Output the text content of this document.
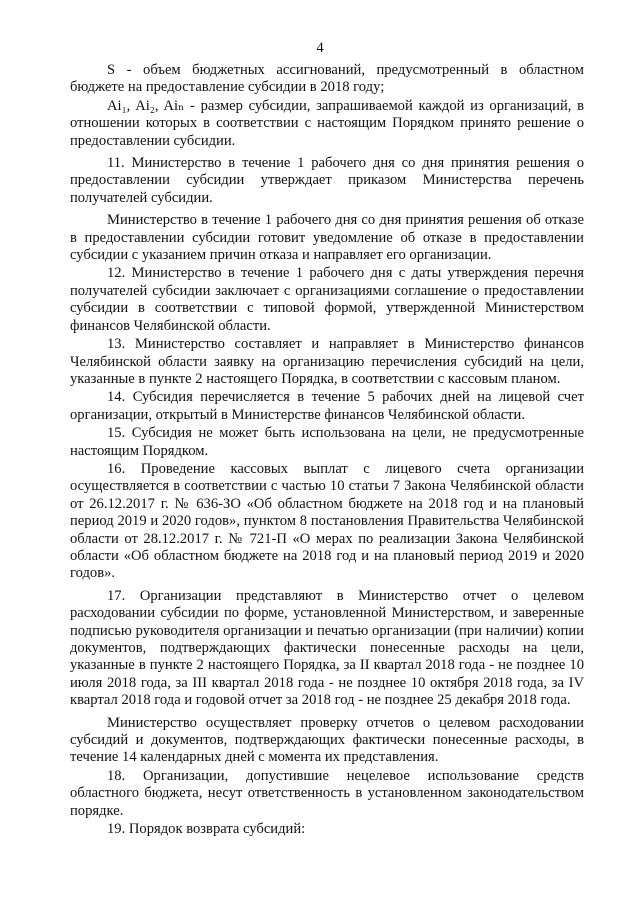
4

S - объем бюджетных ассигнований, предусмотренный в областном бюджете на предоставление субсидии в 2018 году;

Ai₁, Ai₂, Aiₙ - размер субсидии, запрашиваемой каждой из организаций, в отношении которых в соответствии с настоящим Порядком принято решение о предоставлении субсидии.

11. Министерство в течение 1 рабочего дня со дня принятия решения о предоставлении субсидии утверждает приказом Министерства перечень получателей субсидии.

Министерство в течение 1 рабочего дня со дня принятия решения об отказе в предоставлении субсидии готовит уведомление об отказе в предоставлении субсидии с указанием причин отказа и направляет его организации.

12. Министерство в течение 1 рабочего дня с даты утверждения перечня получателей субсидии заключает с организациями соглашение о предоставлении субсидии в соответствии с типовой формой, утвержденной Министерством финансов Челябинской области.

13. Министерство составляет и направляет в Министерство финансов Челябинской области заявку на организацию перечисления субсидий на цели, указанные в пункте 2 настоящего Порядка, в соответствии с кассовым планом.

14. Субсидия перечисляется в течение 5 рабочих дней на лицевой счет организации, открытый в Министерстве финансов Челябинской области.

15. Субсидия не может быть использована на цели, не предусмотренные настоящим Порядком.

16. Проведение кассовых выплат с лицевого счета организации осуществляется в соответствии с частью 10 статьи 7 Закона Челябинской области от 26.12.2017 г. № 636-ЗО «Об областном бюджете на 2018 год и на плановый период 2019 и 2020 годов», пунктом 8 постановления Правительства Челябинской области от 28.12.2017 г. № 721-П «О мерах по реализации Закона Челябинской области «Об областном бюджете на 2018 год и на плановый период 2019 и 2020 годов».

17. Организации представляют в Министерство отчет о целевом расходовании субсидии по форме, установленной Министерством, и заверенные подписью руководителя организации и печатью организации (при наличии) копии документов, подтверждающих фактически понесенные расходы на цели, указанные в пункте 2 настоящего Порядка, за II квартал 2018 года - не позднее 10 июля 2018 года, за III квартал 2018 года - не позднее 10 октября 2018 года, за IV квартал 2018 года и годовой отчет за 2018 год - не позднее 25 декабря 2018 года.

Министерство осуществляет проверку отчетов о целевом расходовании субсидий и документов, подтверждающих фактически понесенные расходы, в течение 14 календарных дней с момента их представления.

18. Организации, допустившие нецелевое использование средств областного бюджета, несут ответственность в установленном законодательством порядке.

19. Порядок возврата субсидий:
